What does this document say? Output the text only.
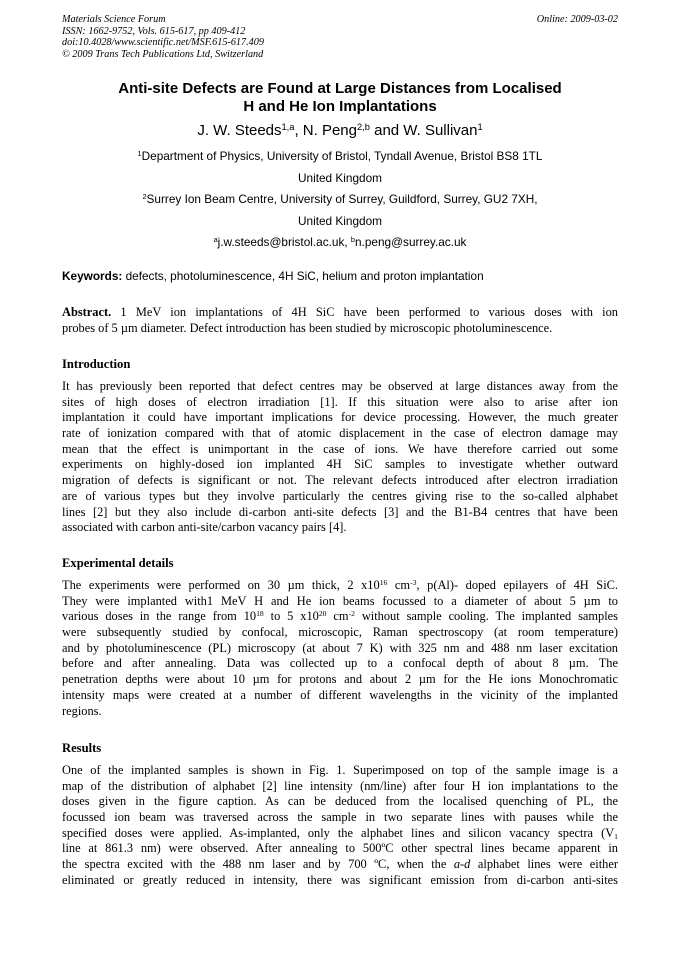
Materials Science Forum
ISSN: 1662-9752, Vols. 615-617, pp 409-412
doi:10.4028/www.scientific.net/MSF.615-617.409
© 2009 Trans Tech Publications Ltd, Switzerland
Online: 2009-03-02
Anti-site Defects are Found at Large Distances from Localised
H and He Ion Implantations
J. W. Steeds$^{1,a}$, N. Peng$^{2,b}$ and W. Sullivan$^1$
$^1$Department of Physics, University of Bristol, Tyndall Avenue, Bristol BS8 1TL
United Kingdom
$^2$Surrey Ion Beam Centre, University of Surrey, Guildford, Surrey, GU2 7XH,
United Kingdom
$^a$j.w.steeds@bristol.ac.uk, $^b$n.peng@surrey.ac.uk
Keywords: defects, photoluminescence, 4H SiC, helium and proton implantation
Abstract. 1 MeV ion implantations of 4H SiC have been performed to various doses with ion
probes of 5 µm diameter. Defect introduction has been studied by microscopic photoluminescence.
Introduction
It has previously been reported that defect centres may be observed at large distances away from the
sites of high doses of electron irradiation [1]. If this situation were also to arise after ion
implantation it could have important implications for device processing. However, the much greater
rate of ionization compared with that of atomic displacement in the case of electron damage may
mean that the effect is unimportant in the case of ions. We have therefore carried out some
experiments on highly-dosed ion implanted 4H SiC samples to investigate whether outward
migration of defects is significant or not. The relevant defects introduced after electron irradiation
are of various types but they involve particularly the centres giving rise to the so-called alphabet
lines [2] but they also include di-carbon anti-site defects [3] and the B1-B4 centres that have been
associated with carbon anti-site/carbon vacancy pairs [4].
Experimental details
The experiments were performed on 30 µm thick, 2 $x10^{16}$ $cm^{-3}$, p(Al)- doped epilayers of 4H SiC.
They were implanted with1 MeV H and He ion beams focussed to a diameter of about 5 µm to
various doses in the range from $10^{18}$ to 5 $x10^{20}$ $cm^{-2}$ without sample cooling. The implanted samples
were subsequently studied by confocal, microscopic, Raman spectroscopy (at room temperature)
and by photoluminescence (PL) microscopy (at about 7 K) with 325 nm and 488 nm laser excitation
before and after annealing. Data was collected up to a confocal depth of about 8 µm. The
penetration depths were about 10 µm for protons and about 2 µm for the He ions Monochromatic
intensity maps were created at a number of different wavelengths in the vicinity of the implanted
regions.
Results
One of the implanted samples is shown in Fig. 1. Superimposed on top of the sample image is a
map of the distribution of alphabet [2] line intensity (nm/line) after four H ion implantations to the
doses given in the figure caption. As can be deduced from the localised quenching of PL, the
focussed ion beam was traversed across the sample in two separate lines with pauses while the
specified doses were applied. As-implanted, only the alphabet lines and silicon vacancy spectra ($V_1$
line at 861.3 nm) were observed. After annealing to 500ºC other spectral lines became apparent in
the spectra excited with the 488 nm laser and by 700 ºC, when the a-d alphabet lines were either
eliminated or greatly reduced in intensity, there was significant emission from di-carbon anti-sites
